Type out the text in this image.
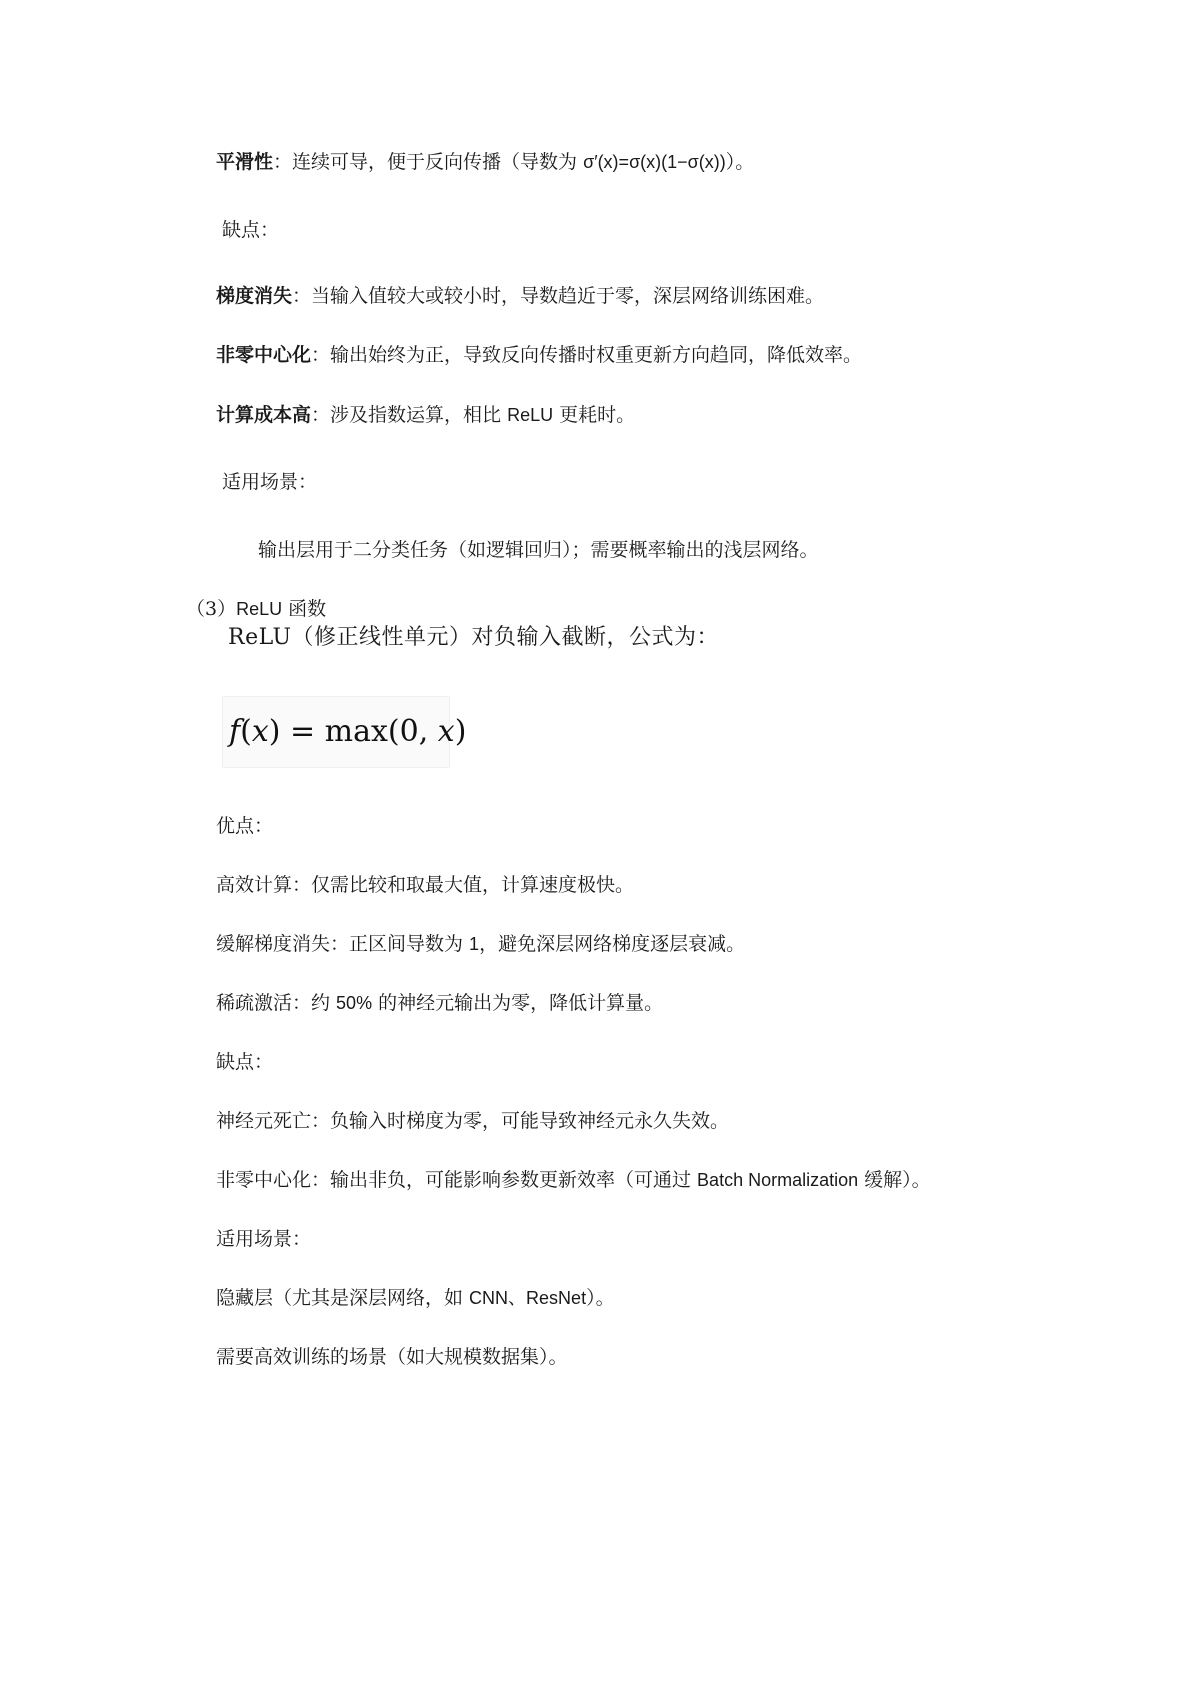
平滑性：连续可导，便于反向传播（导数为 σ′(x)=σ(x)(1−σ(x))）。

缺点：

梯度消失：当输入值较大或较小时，导数趋近于零，深层网络训练困难。

非零中心化：输出始终为正，导致反向传播时权重更新方向趋同，降低效率。

计算成本高：涉及指数运算，相比 ReLU 更耗时。

适用场景：

输出层用于二分类任务（如逻辑回归）；需要概率输出的浅层网络。

（3）ReLU 函数

ReLU（修正线性单元）对负输入截断，公式为：

f(x) = max(0, x)

优点：

高效计算：仅需比较和取最大值，计算速度极快。

缓解梯度消失：正区间导数为 1，避免深层网络梯度逐层衰减。

稀疏激活：约 50% 的神经元输出为零，降低计算量。

缺点：

神经元死亡：负输入时梯度为零，可能导致神经元永久失效。

非零中心化：输出非负，可能影响参数更新效率（可通过 Batch Normalization 缓解）。

适用场景：

隐藏层（尤其是深层网络，如 CNN、ResNet）。

需要高效训练的场景（如大规模数据集）。
